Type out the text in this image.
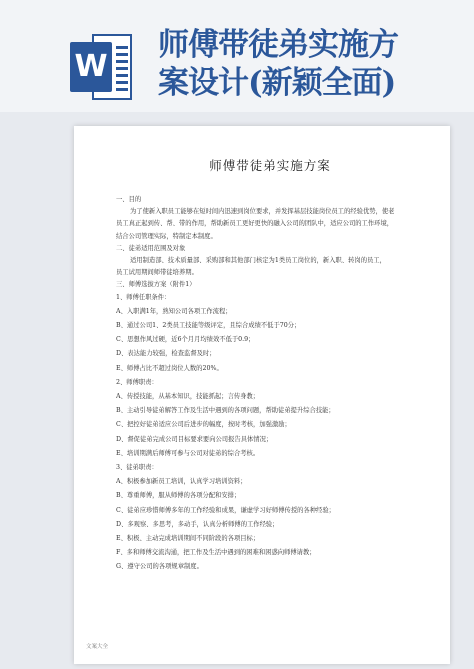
W
师傅带徒弟实施方
案设计(新颖全面)
师傅带徒弟实施方案

一、目的

为了使新入职员工能够在短时间内迅速到岗位要求，并发挥基层技能岗位员工的经验优势，使老

员工真正起到传、帮、带的作用，帮助新员工更好更快的融入公司的团队中，适应公司的工作环境，

结合公司管理实际，特制定本制度。

二、徒弟适用范围及对象

适用制造部、技术质量部、采购部和其他部门核定为1类员工岗位的，新入职、转岗的员工，

员工试用期间师带徒培养期。

三、师傅选拔方案（附件1）

1、师傅任职条件：

A、入职满1年，熟知公司各项工作流程；

B、通过公司1、2类员工技能等级评定，且综合成绩不低于70分；

C、思想作风过硬，近6个月月均绩效不低于0.9；

D、表达能力较强，检查监督及时；

E、师傅占比不超过岗位人数的20%。

2、师傅职责：

A、传授技能，从基本知识，技能抓起；言传身教；

B、主动引导徒弟解答工作及生活中遇到的各项问题，帮助徒弟提升综合技能；

C、把控好徒弟适应公司后进步的幅度，按时考核，加强激励；

D、督促徒弟完成公司目标要求要向公司报告具体情况；

E、培训期满后师傅可参与公司对徒弟的综合考核。

3、徒弟职责：

A、积极参加新员工培训，认真学习培训资料；

B、尊重师傅，服从师傅的各项分配和安排；

C、徒弟应珍惜师傅多年的工作经验和成果，谦虚学习好师傅传授的各种经验；

D、多观察、多思考，多动手，认真分析师傅的工作经验；

E、积极、主动完成培训期间不同阶段的各项目标；

F、多和师傅交流沟通，把工作及生活中遇到的困难和困惑向师傅请教；

G、遵守公司的各项规章制度。

文案大全
